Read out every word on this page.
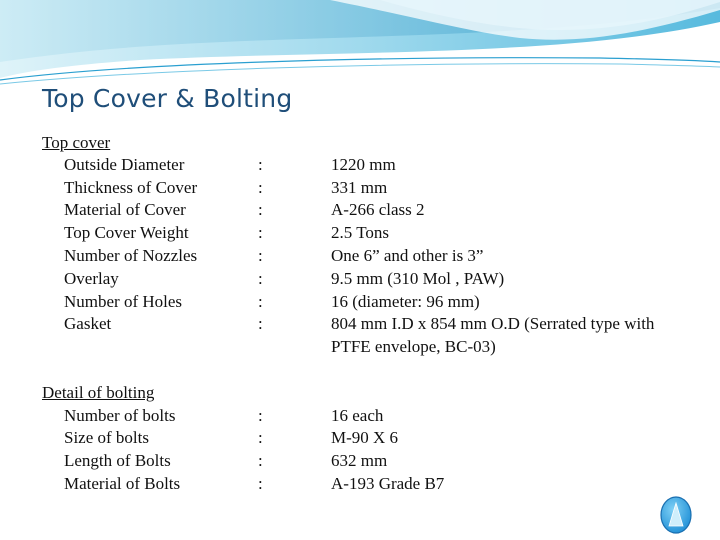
Top Cover & Bolting
Top cover
Outside Diameter	:	1220 mm
Thickness of Cover	:	331 mm
Material of Cover	:	A-266 class 2
Top Cover Weight	:	2.5 Tons
Number of Nozzles	:	One 6” and other is 3”
Overlay	:	9.5 mm (310 Mol , PAW)
Number of Holes	:	16 (diameter: 96 mm)
Gasket	:	804 mm I.D x 854 mm O.D (Serrated type with PTFE envelope, BC-03)
Detail of bolting
Number of bolts	:	16 each
Size of bolts	:	M-90 X 6
Length of Bolts	:	632 mm
Material of Bolts	:	A-193 Grade B7
